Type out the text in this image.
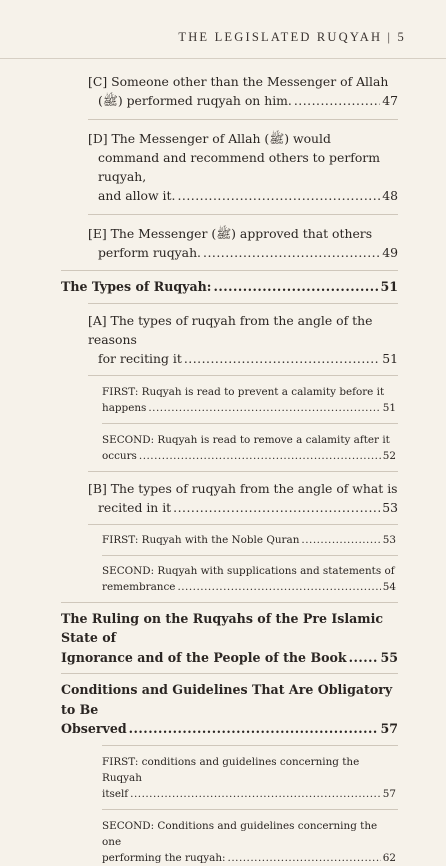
THE LEGISLATED RUQYAH | 5
[C] Someone other than the Messenger of Allah
(ﷺ) performed ruqyah on him. .....	47
[D] The Messenger of Allah (ﷺ) would
command and recommend others to perform ruqyah,
and allow it. .....	48
[E] The Messenger (ﷺ) approved that others
perform ruqyah. .....	49
The Types of Ruqyah: .....	51
[A] The types of ruqyah from the angle of the reasons
for reciting it .....	51
FIRST: Ruqyah is read to prevent a calamity before it
happens .....	51
SECOND: Ruqyah is read to remove a calamity after it
occurs .....	52
[B] The types of ruqyah from the angle of what is
recited in it .....	53
FIRST: Ruqyah with the Noble Quran .....	53
SECOND: Ruqyah with supplications and statements of
remembrance .....	54
The Ruling on the Ruqyahs of the Pre Islamic State of
Ignorance and of the People of the Book .....	55
Conditions and Guidelines That Are Obligatory to Be
Observed .....	57
FIRST: conditions and guidelines concerning the Ruqyah
itself .....	57
SECOND: Conditions and guidelines concerning the one
performing the ruqyah: .....	62
